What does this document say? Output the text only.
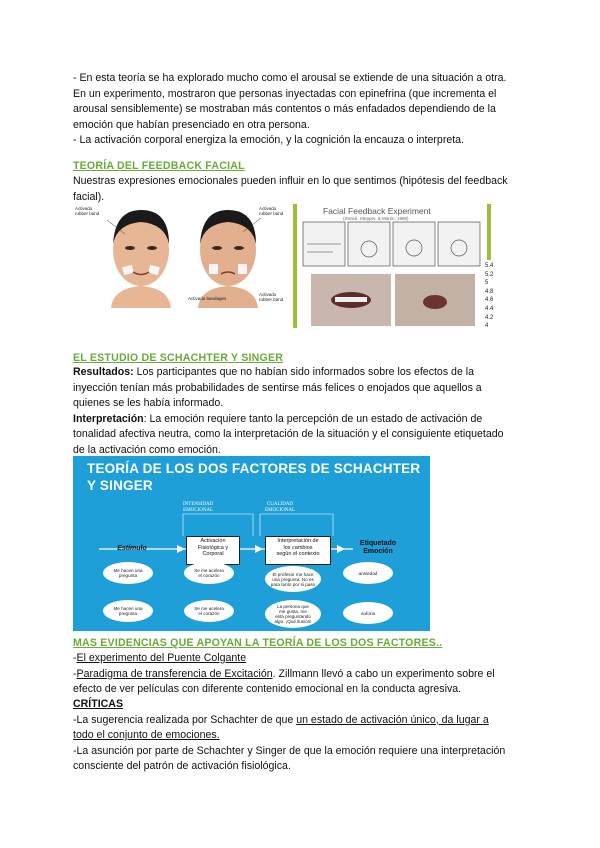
- En esta teoría se ha explorado mucho como el arousal se extiende de una situación a otra.

En un experimento, mostraron que personas inyectadas con epinefrina (que incrementa el

arousal sensiblemente) se mostraban más contentos o más enfadados dependiendo de la

emoción que habían presenciado en otra persona.

- La activación corporal energiza la emoción, y la cognición la encauza o interpreta.

TEORÍA DEL FEEDBACK FACIAL

Nuestras expresiones emocionales pueden influir en lo que sentimos (hipótesis del feedback

facial).

Activado
rubber band
Activado
rubber band
Activado bandages
Activado
rubber band
Facial Feedback Experiment
(Strack, Stepper, & Martin, 1988)
5.4
5.2
5
4.8
4.6
4.4
4.2
4
EL ESTUDIO DE SCHACHTER Y SINGER

Resultados: Los participantes que no habían sido informados sobre los efectos de la

inyección tenían más probabilidades de sentirse más felices o enojados que aquellos a

quienes se les había informado.

Interpretación: La emoción requiere tanto la percepción de un estado de activación de

tonalidad afectiva neutra, como la interpretación de la situación y el consiguiente etiquetado

de la activación como emoción.

TEORÍA DE LOS DOS FACTORES DE SCHACHTER
Y SINGER
INTENSIDAD
EMOCIONAL
CUALIDAD
EMOCIONAL
Estímulo
Activación
Fisiológica y
Corporal
Interpretación de
los cambios
según el contexto
Etiquetado
Emoción
Me hacen una
pregunta
Se me acelera
el corazón	El profesor me hace
una pregunta. No es
para tanto por si paso
ansiedad
Me hacen una
pregunta
Se me acelera
el corazón
La persona que
me gusta, me
está preguntando
algo. ¡Qué ilusión!
euforia
MAS EVIDENCIAS QUE APOYAN LA TEORÍA DE LOS DOS FACTORES..

-El experimento del Puente Colgante

-Paradigma de transferencia de Excitación. Zillmann llevó a cabo un experimento sobre el

efecto de ver películas con diferente contenido emocional en la conducta agresiva.

CRÍTICAS

-La sugerencia realizada por Schachter de que un estado de activación único, da lugar a

todo el conjunto de emociones.

-La asunción por parte de Schachter y Singer de que la emoción requiere una interpretación

consciente del patrón de activación fisiológica.
